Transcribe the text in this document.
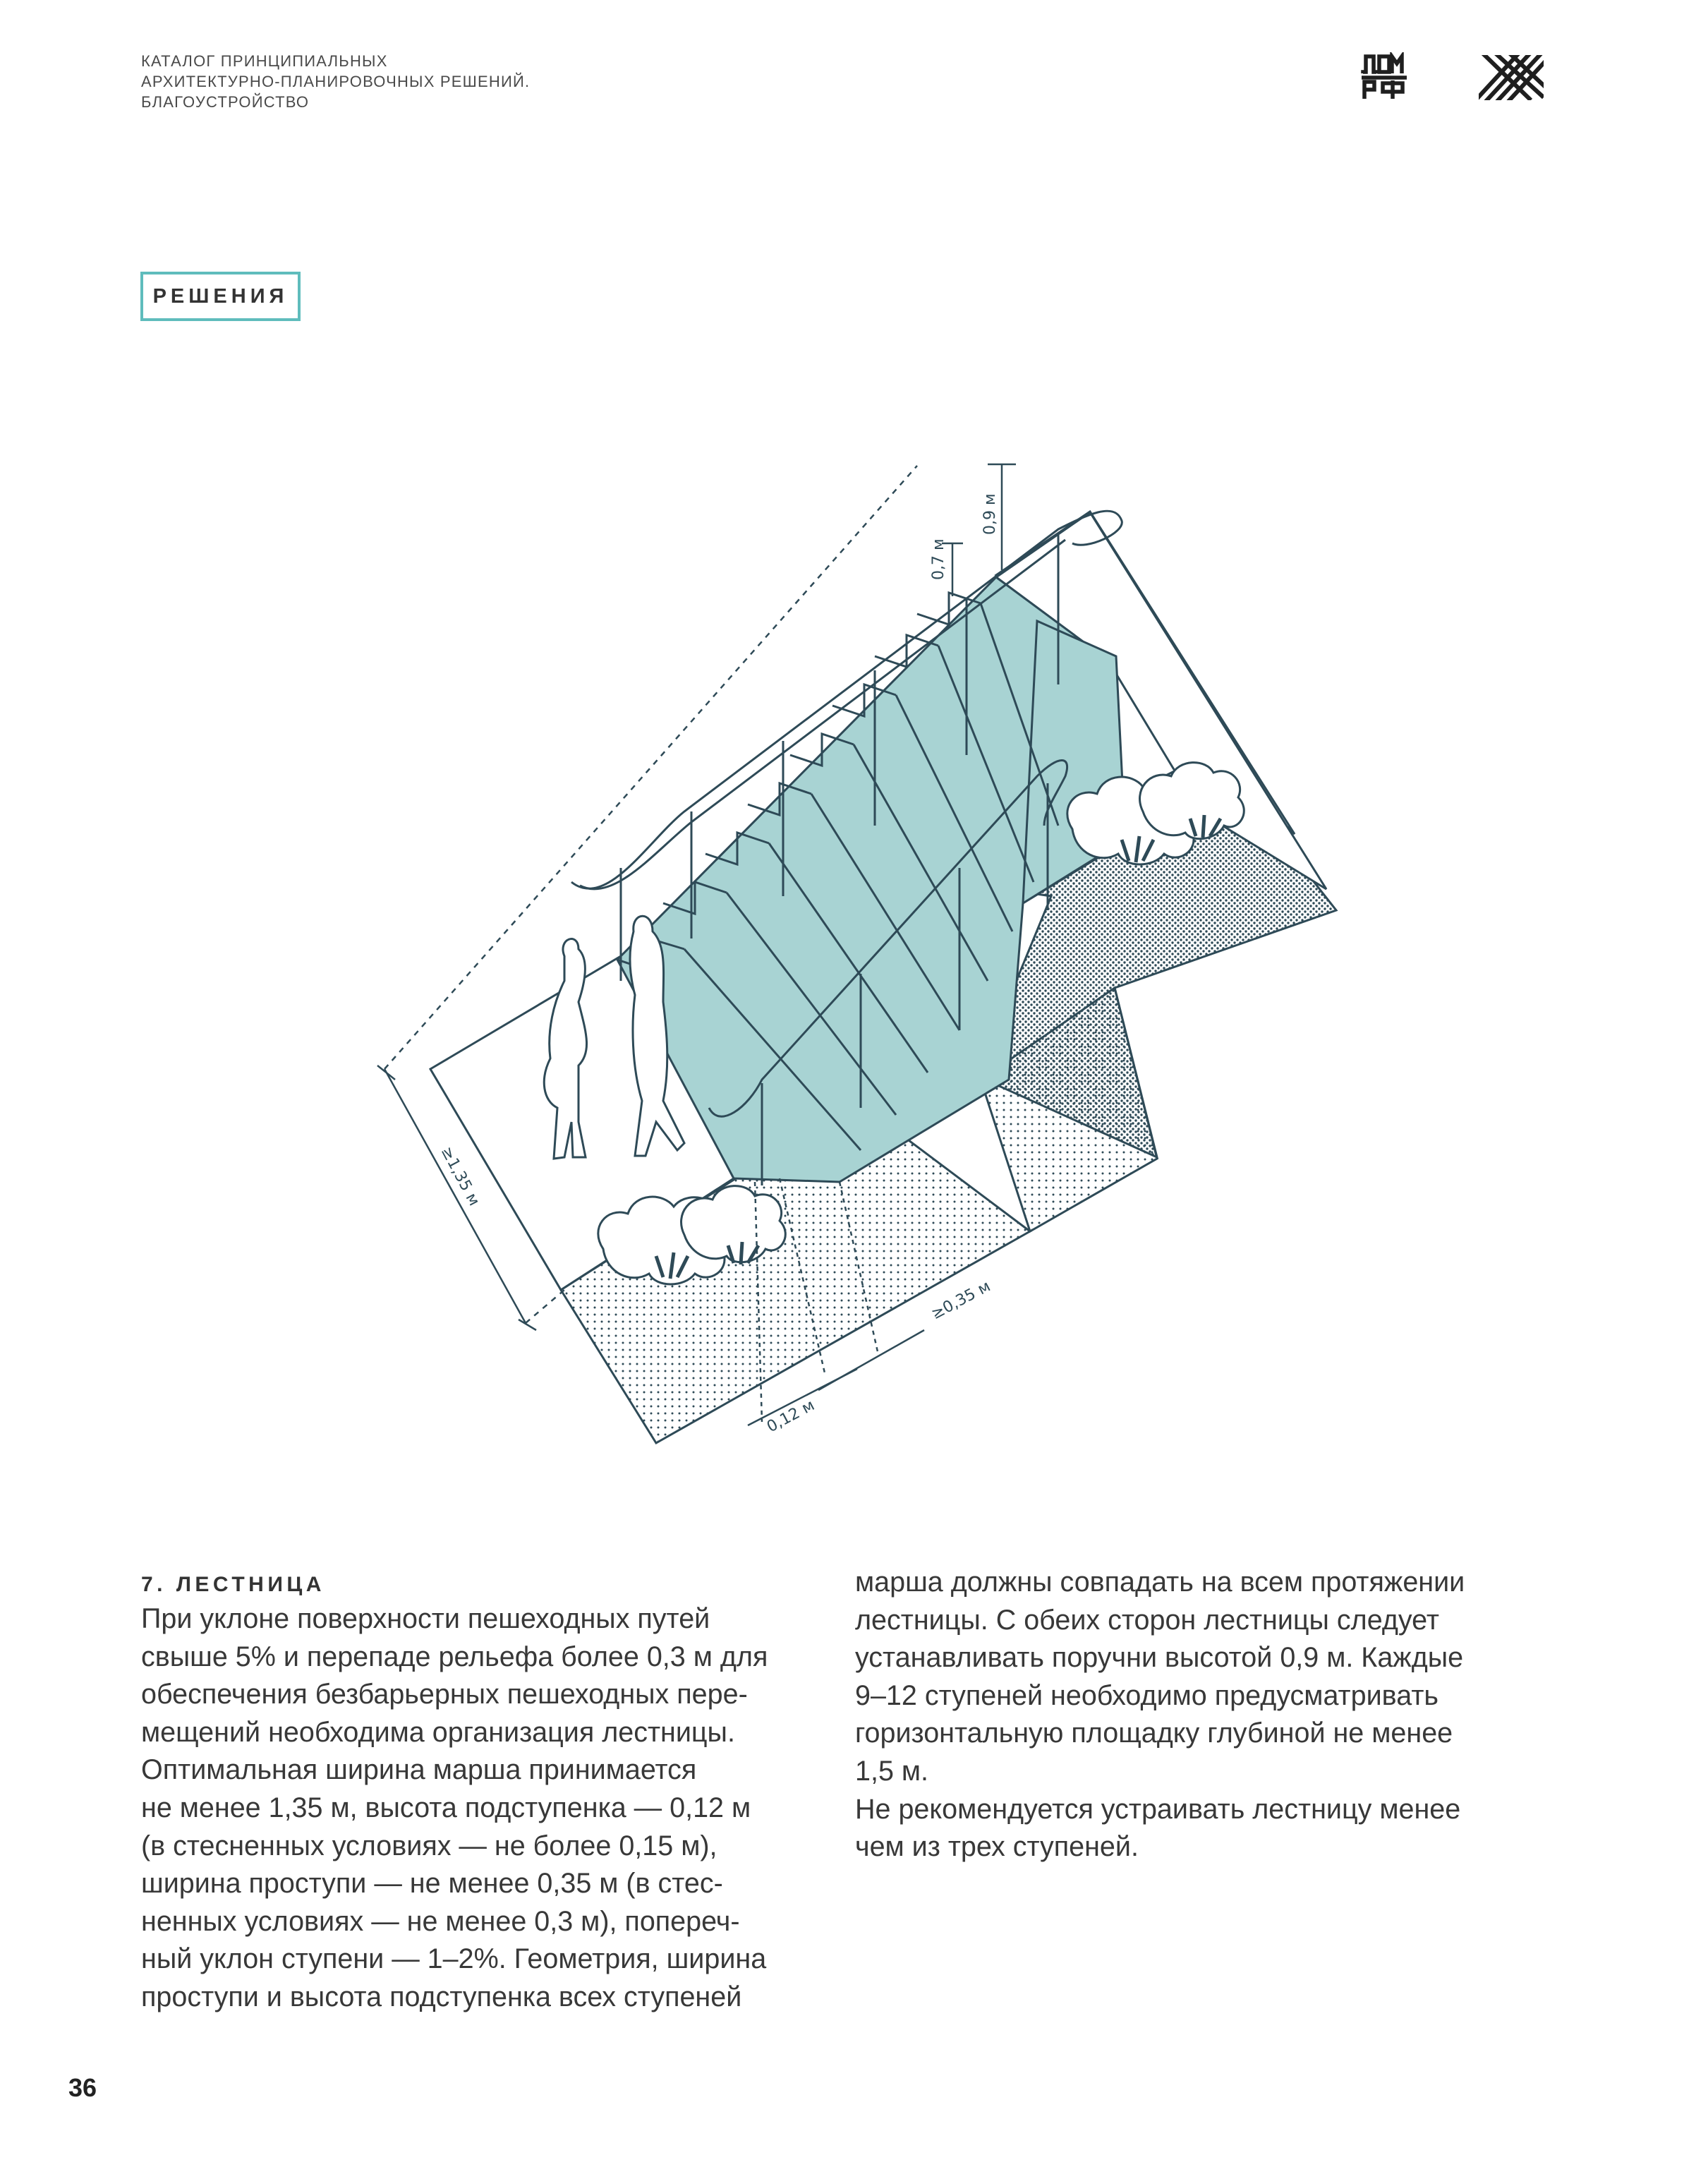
КАТАЛОГ ПРИНЦИПИАЛЬНЫХ
АРХИТЕКТУРНО-ПЛАНИРОВОЧНЫХ РЕШЕНИЙ.
БЛАГОУСТРОЙСТВО
РЕШЕНИЯ
0,9 м
0,7 м
≥1,35 м
≥0,35 м
0,12 м
7. ЛЕСТНИЦА
При уклоне поверхности пешеходных путей
свыше 5% и перепаде рельефа более 0,3 м для
обеспечения безбарьерных пешеходных пере-
мещений необходима организация лестницы.
Оптимальная ширина марша принимается
не менее 1,35 м, высота подступенка — 0,12 м
(в стесненных условиях — не более 0,15 м),
ширина проступи — не менее 0,35 м (в стес-
ненных условиях — не менее 0,3 м), попереч-
ный уклон ступени — 1–2%. Геометрия, ширина
проступи и высота подступенка всех ступеней
марша должны совпадать на всем протяжении
лестницы. С обеих сторон лестницы следует
устанавливать поручни высотой 0,9 м. Каждые
9–12 ступеней необходимо предусматривать
горизонтальную площадку глубиной не менее
1,5 м.
Не рекомендуется устраивать лестницу менее
чем из трех ступеней.
36
